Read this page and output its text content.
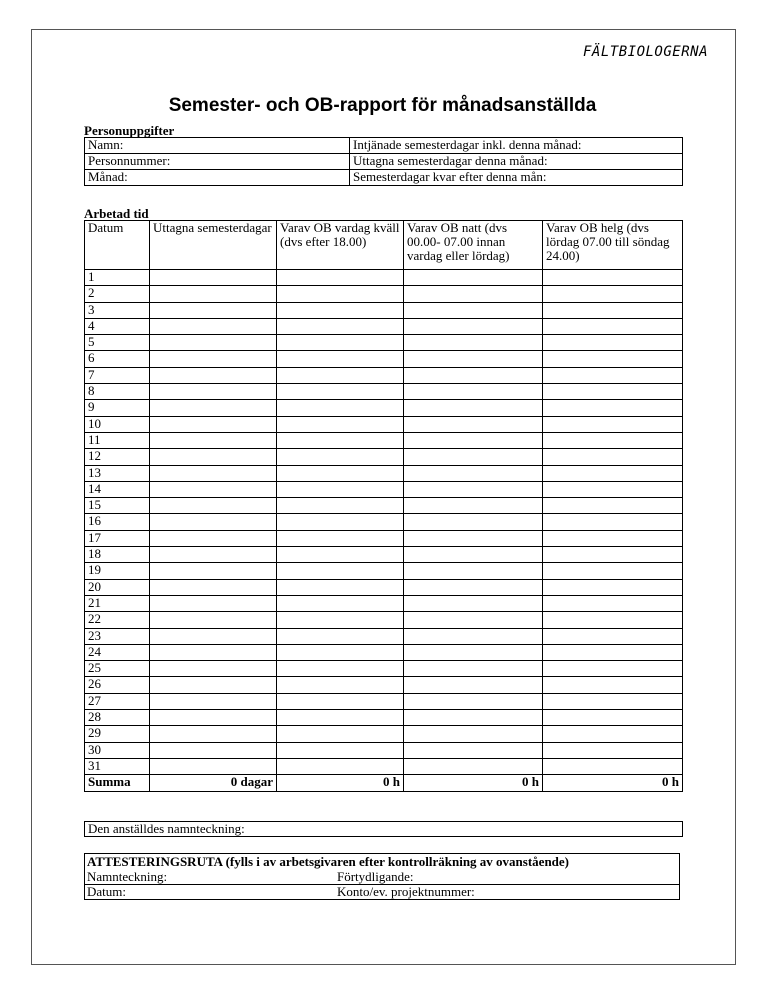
FÄLTBIOLOGERNA
Semester- och OB-rapport för månadsanställda
Personuppgifter
Namn:	Intjänade semesterdagar inkl. denna månad:
Personnummer:	Uttagna semesterdagar denna månad:
Månad:	Semesterdagar kvar efter denna mån:
Arbetad tid
Datum	Uttagna semesterdagar	Varav OB vardag kväll (dvs efter 18.00)	Varav OB natt (dvs 00.00- 07.00 innan vardag eller lördag)	Varav OB helg (dvs lördag 07.00 till söndag 24.00)
1				
2				
3				
4				
5				
6				
7				
8				
9				
10				
11				
12				
13				
14				
15				
16				
17				
18				
19				
20				
21				
22				
23				
24				
25				
26				
27				
28				
29				
30				
31				
Summa	0 dagar	0 h	0 h	0 h
Den anställdes namnteckning:
ATTESTERINGSRUTA (fylls i av arbetsgivaren efter kontrollräkning av ovanstående)
Namnteckning:	Förtydligande:
Datum:	Konto/ev. projektnummer:
